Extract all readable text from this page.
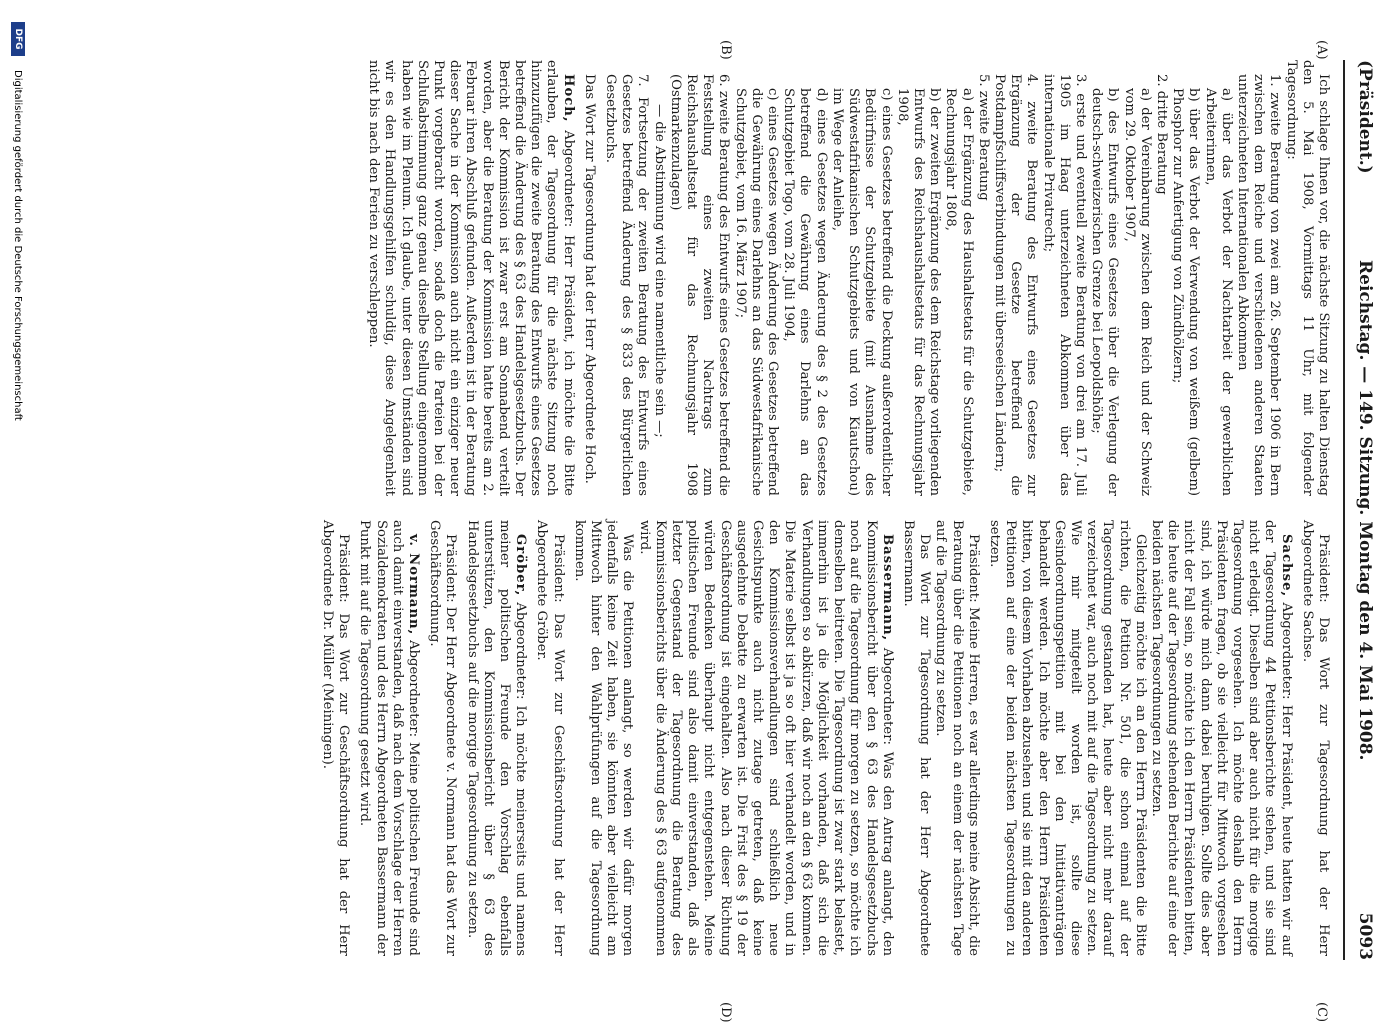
(Präsident.)
Reichstag. — 149. Sitzung. Montag den 4. Mai 1908.
5093
(A)
(B)
(C)
(D)

Ich schlage Ihnen vor, die nächste Sitzung zu halten Dienstag den 5. Mai 1908, Vormittags 11 Uhr, mit folgender Tagesordnung:

1. zweite Beratung von zwei am 26. September 1906 in Bern zwischen dem Reiche und verschiedenen anderen Staaten unterzeichneten Internationalen Abkommen

a) über das Verbot der Nachtarbeit der gewerblichen Arbeiterinnen,

b) über das Verbot der Verwendung von weißem (gelbem) Phosphor zur Anfertigung von Zündhölzern;

2. dritte Beratung

a) der Vereinbarung zwischen dem Reich und der Schweiz vom 29. Oktober 1907,

b) des Entwurfs eines Gesetzes über die Verlegung der deutsch-schweizerischen Grenze bei Leopoldshöhe;

3. erste und eventuell zweite Beratung von drei am 17. Juli 1905 im Haag unterzeichneten Abkommen über das internationale Privatrecht;

4. zweite Beratung des Entwurfs eines Gesetzes zur Ergänzung der Gesetze betreffend die Postdampfschiffsverbindungen mit überseeischen Ländern;

5. zweite Beratung

a) der Ergänzung des Haushaltsetats für die Schutzgebiete, Rechnungsjahr 1808,

b) der zweiten Ergänzung des dem Reichstage vorliegenden Entwurfs des Reichshaushaltsetats für das Rechnungsjahr 1908,

c) eines Gesetzes betreffend die Deckung außerordentlicher Bedürfnisse der Schutzgebiete (mit Ausnahme des Südwestafrikanischen Schutzgebiets und von Kiautschou) im Wege der Anleihe,

d) eines Gesetzes wegen Änderung des § 2 des Gesetzes betreffend die Gewährung eines Darlehns an das Schutzgebiet Togo, vom 28. Juli 1904,

c) eines Gesetzes wegen Änderung des Gesetzes betreffend die Gewährung eines Darlehns an das Südwestafrikanische Schutzgebiet, vom 16. März 1907;

6. zweite Beratung des Entwurfs eines Gesetzes betreffend die Feststellung eines zweiten Nachtrags zum Reichshaushaltsetat für das Rechnungsjahr 1908 (Ostmarkenzulagen)

— die Abstimmung wird eine namentliche sein —;

7. Fortsetzung der zweiten Beratung des Entwurfs eines Gesetzes betreffend Änderung des § 833 des Bürgerlichen Gesetzbuchs.

Das Wort zur Tagesordnung hat der Herr Abgeordnete Hoch.

Hoch, Abgeordneter: Herr Präsident, ich möchte die Bitte erlauben, der Tagesordnung für die nächste Sitzung noch hinzuzufügen die zweite Beratung des Entwurfs eines Gesetzes betreffend die Änderung des § 63 des Handelsgesetzbuchs. Der Bericht der Kommission ist zwar erst am Sonnabend verteilt worden, aber die Beratung der Kommission hatte bereits am 2. Februar ihren Abschluß gefunden. Außerdem ist in der Beratung dieser Sache in der Kommission auch nicht ein einziger neuer Punkt vorgebracht worden, sodaß doch die Parteien bei der Schlußabstimmung ganz genau dieselbe Stellung eingenommen haben wie im Plenum. Ich glaube, unter diesen Umständen sind wir es den Handlungsgehilfen schuldig, diese Angelegenheit nicht bis nach den Ferien zu verschleppen.

Präsident: Das Wort zur Tagesordnung hat der Herr Abgeordnete Sachse.

Sachse, Abgeordneter: Herr Präsident, heute hatten wir auf der Tagesordnung 44 Petitionsberichte stehen, und sie sind nicht erledigt. Dieselben sind aber auch nicht für die morgige Tagesordnung vorgesehen. Ich möchte deshalb den Herrn Präsidenten fragen, ob sie vielleicht für Mittwoch vorgesehen sind, ich würde mich dann dabei beruhigen. Sollte dies aber nicht der Fall sein, so möchte ich den Herrn Präsidenten bitten, die heute auf der Tagesordnung stehenden Berichte auf eine der beiden nächsten Tagesordnungen zu setzen.

Gleichzeitig möchte ich an den Herrn Präsidenten die Bitte richten, die Petition Nr. 501, die schon einmal auf der Tagesordnung gestanden hat, heute aber nicht mehr darauf verzeichnet war, auch noch mit auf die Tagesordnung zu setzen. Wie mir mitgeteilt worden ist, sollte diese Gesindeordnungspetition mit bei den Initiativanträgen behandelt werden. Ich möchte aber den Herrn Präsidenten bitten, von diesem Vorhaben abzusehen und sie mit den anderen Petitionen auf eine der beiden nächsten Tagesordnungen zu setzen.

Präsident: Meine Herren, es war allerdings meine Absicht, die Beratung über die Petitionen noch an einem der nächsten Tage auf die Tagesordnung zu setzen.

Das Wort zur Tagesordnung hat der Herr Abgeordnete Bassermann.

Bassermann, Abgeordneter: Was den Antrag anlangt, den Kommissionsbericht über den § 63 des Handelsgesetzbuchs noch auf die Tagesordnung für morgen zu setzen, so möchte ich demselben beitreten. Die Tagesordnung ist zwar stark belastet, immerhin ist ja die Möglichkeit vorhanden, daß sich die Verhandlungen so abkürzen, daß wir noch an den § 63 kommen. Die Materie selbst ist ja so oft hier verhandelt worden, und in den Kommissionsverhandlungen sind schließlich neue Gesichtspunkte auch nicht zutage getreten, daß keine ausgedehnte Debatte zu erwarten ist. Die Frist des § 19 der Geschäftsordnung ist eingehalten. Also nach dieser Richtung würden Bedenken überhaupt nicht entgegenstehen. Meine politischen Freunde sind also damit einverstanden, daß als letzter Gegenstand der Tagesordnung die Beratung des Kommissionsberichts über die Änderung des § 63 aufgenommen wird.

Was die Petitionen anlangt, so werden wir dafür morgen jedenfalls keine Zeit haben, sie könnten aber vielleicht am Mittwoch hinter den Wahlprüfungen auf die Tagesordnung kommen.

Präsident: Das Wort zur Geschäftsordnung hat der Herr Abgeordnete Gröber.

Gröber, Abgeordneter: Ich möchte meinerseits und namens meiner politischen Freunde den Vorschlag ebenfalls unterstützen, den Kommissionsbericht über § 63 des Handelsgesetzbuchs auf die morgige Tagesordnung zu setzen.

Präsident: Der Herr Abgeordnete v. Normann hat das Wort zur Geschäftsordnung.

v. Normann, Abgeordneter: Meine politischen Freunde sind auch damit einverstanden, daß nach dem Vorschlage der Herren Sozialdemokraten und des Herrn Abgeordneten Bassermann der Punkt mit auf die Tagesordnung gesetzt wird.

Präsident: Das Wort zur Geschäftsordnung hat der Herr Abgeordnete Dr. Müller (Meiningen).

DFG
Digitalisierung gefördert durch die Deutsche Forschungsgemeinschaft
